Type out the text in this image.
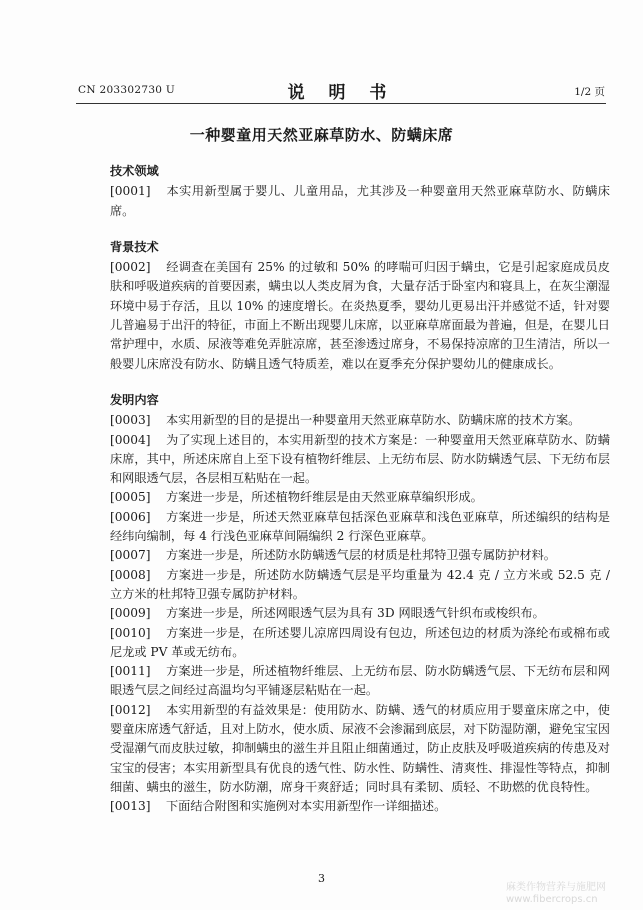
CN 203302730 U	说 明 书	1/2 页
一种婴童用天然亚麻草防水、防螨床席
技术领域

[0001] 本实用新型属于婴儿、儿童用品，尤其涉及一种婴童用天然亚麻草防水、防螨床席。

背景技术

[0002] 经调查在美国有 25% 的过敏和 50% 的哮喘可归因于螨虫，它是引起家庭成员皮肤和呼吸道疾病的首要因素，螨虫以人类皮屑为食，大量存活于卧室内和寝具上，在灰尘潮湿环境中易于存活，且以 10% 的速度增长。在炎热夏季，婴幼儿更易出汗并感觉不适，针对婴儿普遍易于出汗的特征，市面上不断出现婴儿床席，以亚麻草席面最为普遍，但是，在婴儿日常护理中，水质、尿液等难免弄脏凉席，甚至渗透过席身，不易保持凉席的卫生清洁，所以一般婴儿床席没有防水、防螨且透气特质差，难以在夏季充分保护婴幼儿的健康成长。

发明内容

[0003] 本实用新型的目的是提出一种婴童用天然亚麻草防水、防螨床席的技术方案。

[0004] 为了实现上述目的，本实用新型的技术方案是：一种婴童用天然亚麻草防水、防螨床席，其中，所述床席自上至下设有植物纤维层、上无纺布层、防水防螨透气层、下无纺布层和网眼透气层，各层相互粘贴在一起。

[0005] 方案进一步是，所述植物纤维层是由天然亚麻草编织形成。

[0006] 方案进一步是，所述天然亚麻草包括深色亚麻草和浅色亚麻草，所述编织的结构是经纬向编制，每 4 行浅色亚麻草间隔编织 2 行深色亚麻草。

[0007] 方案进一步是，所述防水防螨透气层的材质是杜邦特卫强专属防护材料。

[0008] 方案进一步是，所述防水防螨透气层是平均重量为 42.4 克 / 立方米或 52.5 克 / 立方米的杜邦特卫强专属防护材料。

[0009] 方案进一步是，所述网眼透气层为具有 3D 网眼透气针织布或梭织布。

[0010] 方案进一步是，在所述婴儿凉席四周设有包边，所述包边的材质为涤纶布或棉布或尼龙或 PV 革或无纺布。

[0011] 方案进一步是，所述植物纤维层、上无纺布层、防水防螨透气层、下无纺布层和网眼透气层之间经过高温均匀平铺逐层粘贴在一起。

[0012] 本实用新型的有益效果是：使用防水、防螨、透气的材质应用于婴童床席之中，使婴童床席透气舒适，且对上防水，使水质、尿液不会渗漏到底层，对下防湿防潮，避免宝宝因受湿潮气而皮肤过敏，抑制螨虫的滋生并且阻止细菌通过，防止皮肤及呼吸道疾病的传患及对宝宝的侵害；本实用新型具有优良的透气性、防水性、防螨性、清爽性、排湿性等特点，抑制细菌、螨虫的滋生，防水防潮，席身干爽舒适；同时具有柔韧、质轻、不助燃的优良特性。

[0013] 下面结合附图和实施例对本实用新型作一详细描述。

3
麻类作物营养与施肥网
www.fibercrops.cn
